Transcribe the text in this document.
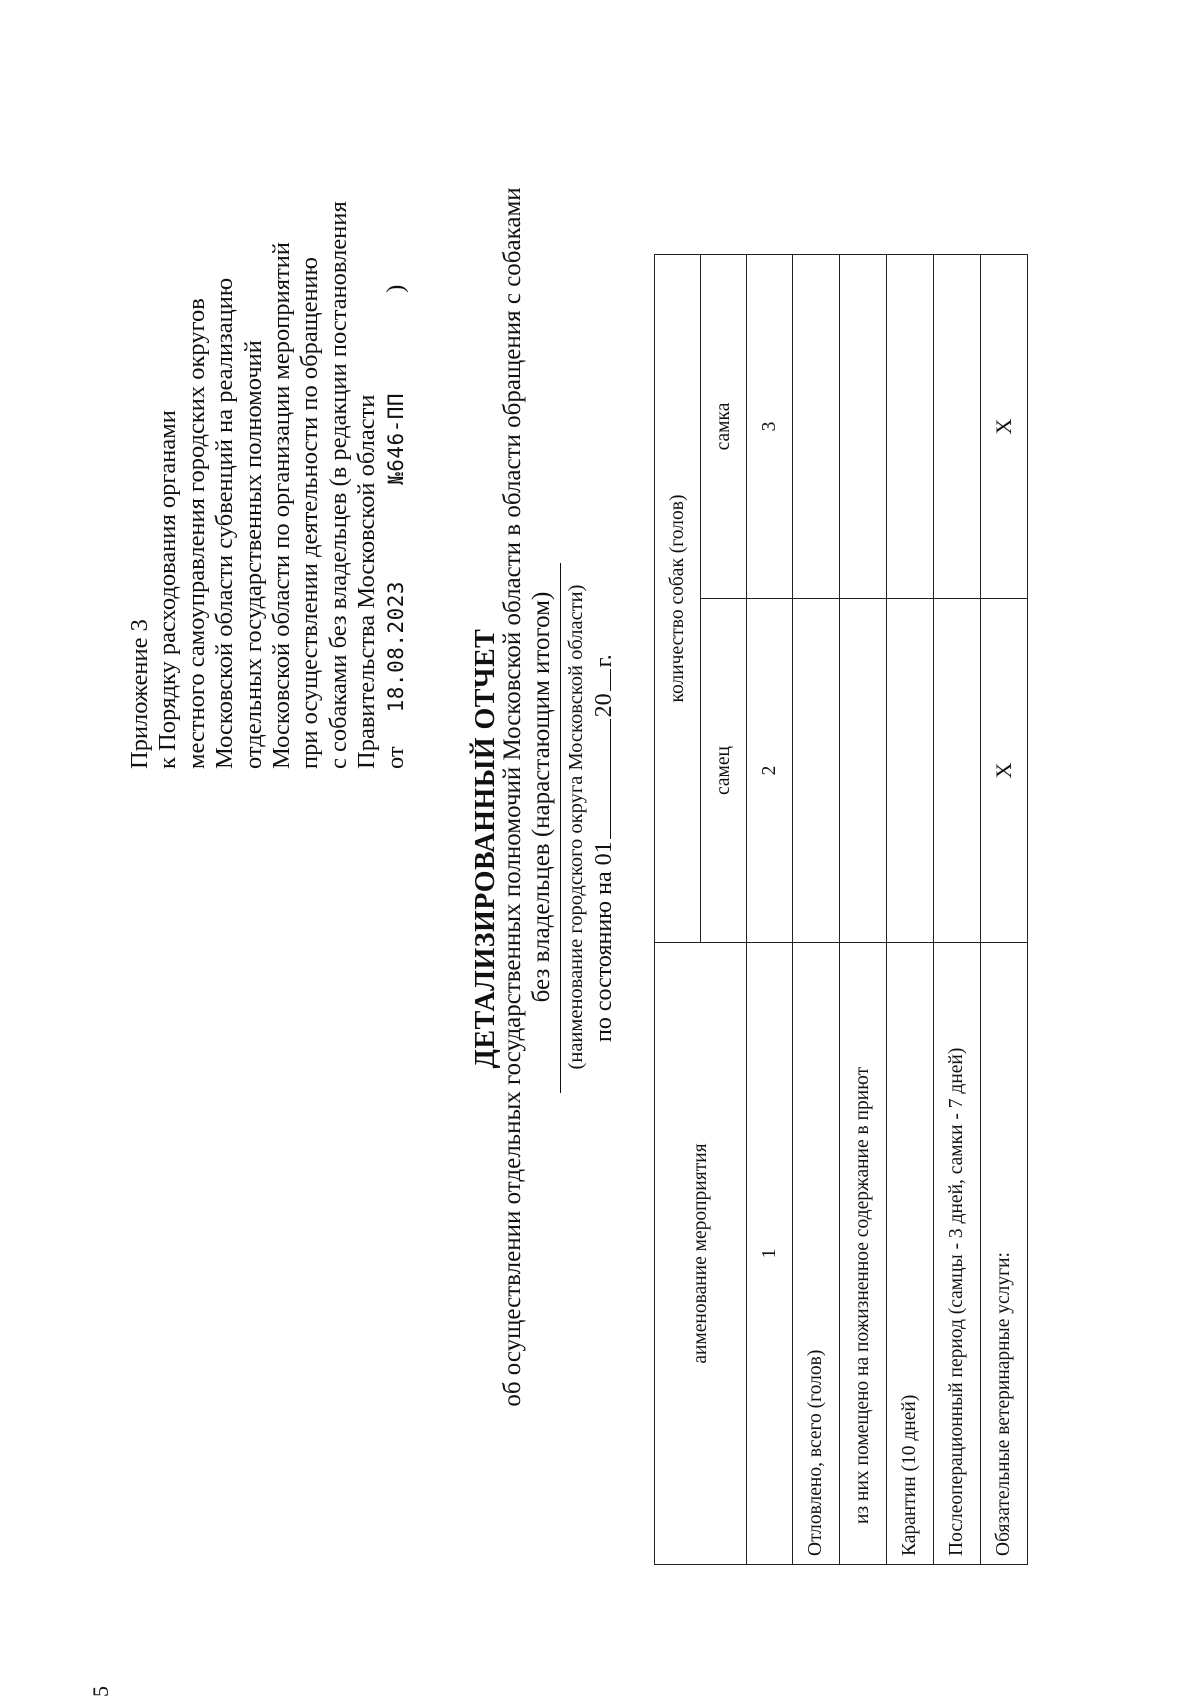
5
Приложение 3 к Порядку расходования органами местного самоуправления городских округов Московской области субвенций на реализацию отдельных государственных полномочий Московской области по организации мероприятий при осуществлении деятельности по обращению с собаками без владельцев (в редакции постановления Правительства Московской области от18.08.2023№646-ПП)
ДЕТАЛИЗИРОВАННЫЙ ОТЧЕТ
об осуществлении отдельных государственных полномочий Московской области в области обращения с собаками без владельцев (нарастающим итогом) (наименование городского округа Московской области) по состоянию на 0120г.
аименование мероприятия	количество собак (голов)	
	самец	самка
1	2	3
Отловлено, всего (голов)		
из них помещено на пожизненное содержание в приют		
Карантин (10 дней)		
Послеоперационный период (самцы - 3 дней, самки - 7 дней)		
Обязательные ветеринарные услуги:	Х	Х
